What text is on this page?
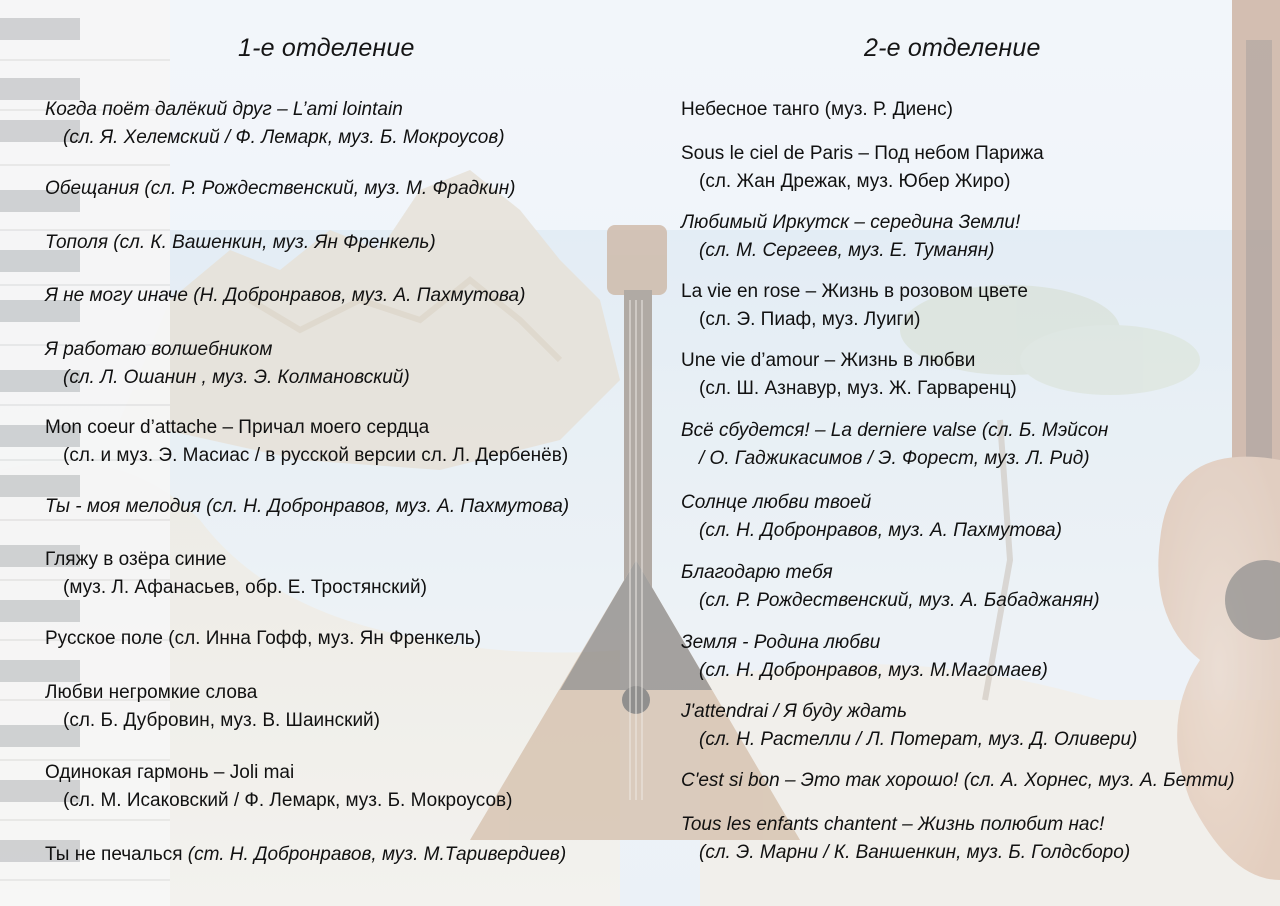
1-е отделение	2-е отделение
Когда поёт далёкий друг – L’ami lointain
(сл. Я. Хелемский / Ф. Лемарк, муз. Б. Мокроусов)
Обещания (сл. Р. Рождественский, муз. М. Фрадкин)
Тополя (сл. К. Вашенкин, муз. Ян Френкель)
Я не могу иначе (Н. Добронравов, муз. А. Пахмутова)
Я работаю волшебником
(сл. Л. Ошанин , муз. Э. Колмановский)
Mon coeur d’attache – Причал моего сердца
(сл. и муз. Э. Масиас / в русской версии сл. Л. Дербенёв)
Ты - моя мелодия (сл. Н. Добронравов, муз. А. Пахмутова)
Гляжу в озёра синие
(муз. Л. Афанасьев, обр. Е. Тростянский)
Русское поле (сл. Инна Гофф, муз. Ян Френкель)
Любви негромкие слова
(сл. Б. Дубровин, муз. В. Шаинский)
Одинокая гармонь – Joli mai
(сл. М. Исаковский / Ф. Лемарк, муз. Б. Мокроусов)
Ты не печалься (ст. Н. Добронравов, муз. М.Таривердиев)
Небесное танго (муз. Р. Диенс)
Sous le ciel de Paris – Под небом Парижа
(сл. Жан Дрежак, муз. Юбер Жиро)
Любимый Иркутск – середина Земли!
(сл. М. Сергеев, муз. Е. Туманян)
La vie en rose – Жизнь в розовом цвете
(сл. Э. Пиаф, муз. Луиги)
Une vie d’amour – Жизнь в любви
(сл. Ш. Азнавур, муз. Ж. Гарваренц)
Всё сбудется! – La derniere valse (сл. Б. Мэйсон
/ О. Гаджикасимов / Э. Форест, муз. Л. Рид)
Солнце любви твоей
(сл. Н. Добронравов, муз. А. Пахмутова)
Благодарю тебя
(сл. Р. Рождественский, муз. А. Бабаджанян)
Земля - Родина любви
(сл. Н. Добронравов, муз. М.Магомаев)
J'attendrai / Я буду ждать
(сл. Н. Растелли / Л. Потерат, муз. Д. Оливери)
C'est si bon – Это так хорошо! (сл. А. Хорнес, муз. А. Бетти)
Tous les enfants chantent – Жизнь полюбит нас!
(сл. Э. Марни / К. Ваншенкин, муз. Б. Голдсборо)
